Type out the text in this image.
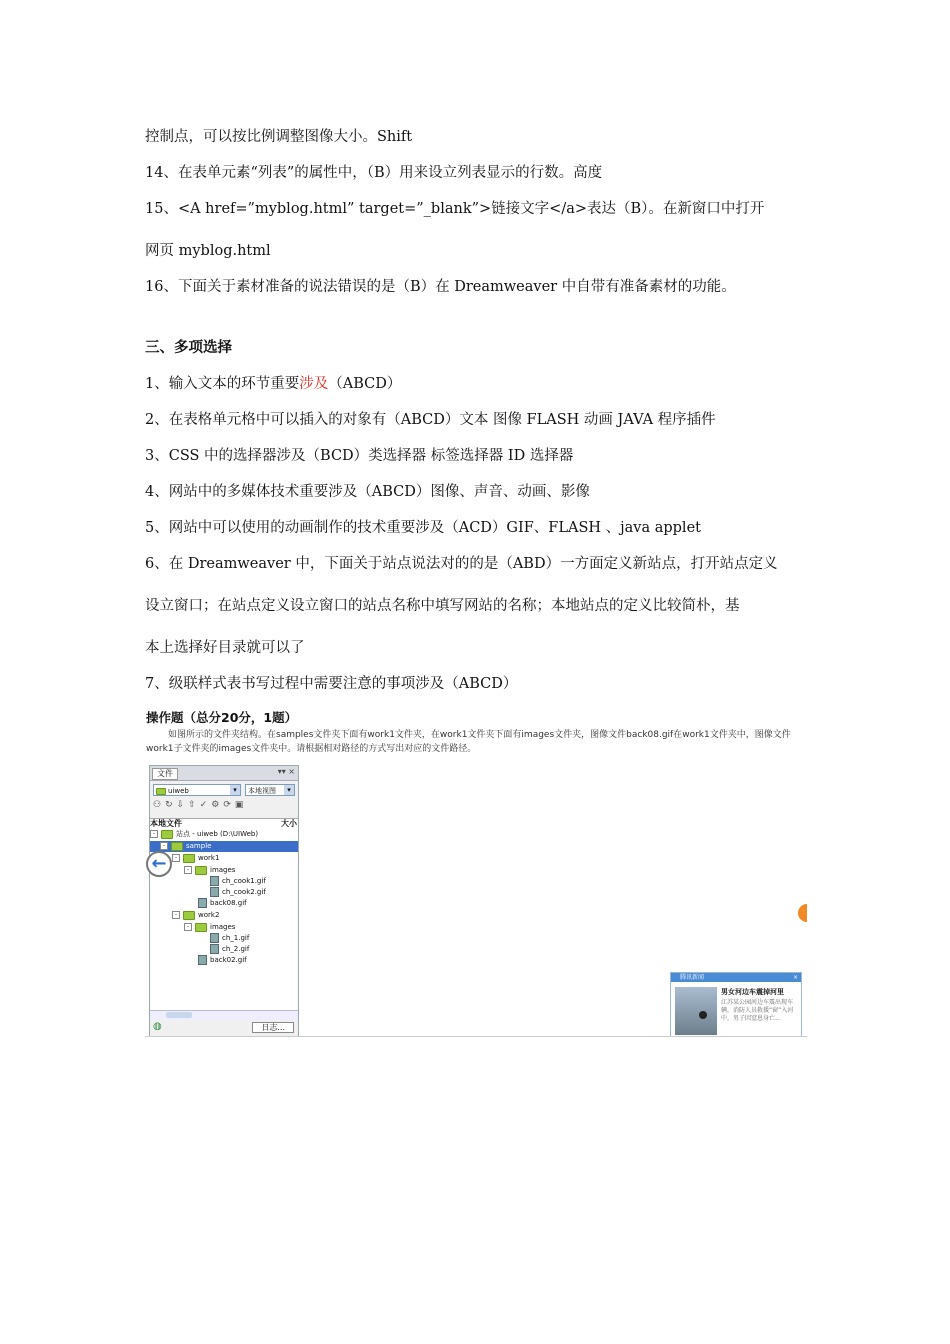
控制点，可以按比例调整图像大小。Shift
14、在表单元素“列表”的属性中，（B）用来设立列表显示的行数。高度
15、<A href=”myblog.html” target=”_blank”>链接文字</a>表达（B）。在新窗口中打开
网页 myblog.html
16、下面关于素材准备的说法错误的是（B）在 Dreamweaver 中自带有准备素材的功能。
三、多项选择
1、输入文本的环节重要涉及（ABCD）
2、在表格单元格中可以插入的对象有（ABCD）文本 图像 FLASH 动画 JAVA 程序插件
3、CSS 中的选择器涉及（BCD）类选择器 标签选择器 ID 选择器
4、网站中的多媒体技术重要涉及（ABCD）图像、声音、动画、影像
5、网站中可以使用的动画制作的技术重要涉及（ACD）GIF、FLASH 、java applet
6、在 Dreamweaver 中，下面关于站点说法对的的是（ABD）一方面定义新站点，打开站点定义
设立窗口；在站点定义设立窗口的站点名称中填写网站的名称；本地站点的定义比较简朴，基
本上选择好目录就可以了
7、级联样式表书写过程中需要注意的事项涉及（ABCD）
操作题（总分20分，1题）
如图所示的文件夹结构。在samples文件夹下面有work1文件夹，在work1文件夹下面有images文件夹，图像文件back08.gif在work1文件夹中，图像文件
work1子文件夹的images文件夹中。请根据相对路径的方式写出对应的文件路径。
文件	▾▾ ×
uiweb	▾	本地视图	▾
⚇↻⇩⇧✓⚙⟳▣
本地文件	大小
-	站点 - uiweb (D:\UIWeb)
-	sample
-	work1
-	images
ch_cook1.gif
ch_cook2.gif
back08.gif
-	work2
-	images
ch_1.gif
ch_2.gif
back02.gif
◍	日志...
←
腾讯新闻	×
男女河边车震掉河里
江苏某公园河边车震出现车辆，消防人员救援“窗”入河中，男子因窒息身亡...
